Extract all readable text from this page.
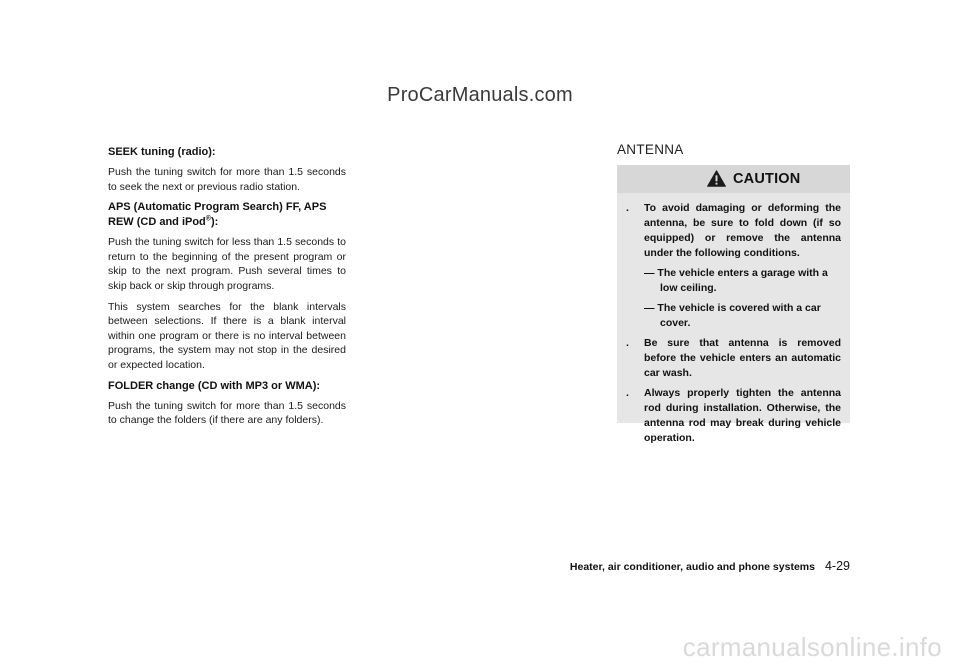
ProCarManuals.com
SEEK tuning (radio):

Push the tuning switch for more than 1.5 seconds to seek the next or previous radio station.

APS (Automatic Program Search) FF, APS REW (CD and iPod®):

Push the tuning switch for less than 1.5 seconds to return to the beginning of the present program or skip to the next program. Push several times to skip back or skip through programs.

This system searches for the blank intervals between selections. If there is a blank interval within one program or there is no interval between programs, the system may not stop in the desired or expected location.

FOLDER change (CD with MP3 or WMA):

Push the tuning switch for more than 1.5 seconds to change the folders (if there are any folders).

ANTENNA
CAUTION
. To avoid damaging or deforming the antenna, be sure to fold down (if so equipped) or remove the antenna under the following conditions.
— The vehicle enters a garage with a low ceiling.
— The vehicle is covered with a car cover.
. Be sure that antenna is removed before the vehicle enters an automatic car wash.
. Always properly tighten the antenna rod during installation. Otherwise, the antenna rod may break during vehicle operation.
Heater, air conditioner, audio and phone systems 4-29
carmanualsonline.info
